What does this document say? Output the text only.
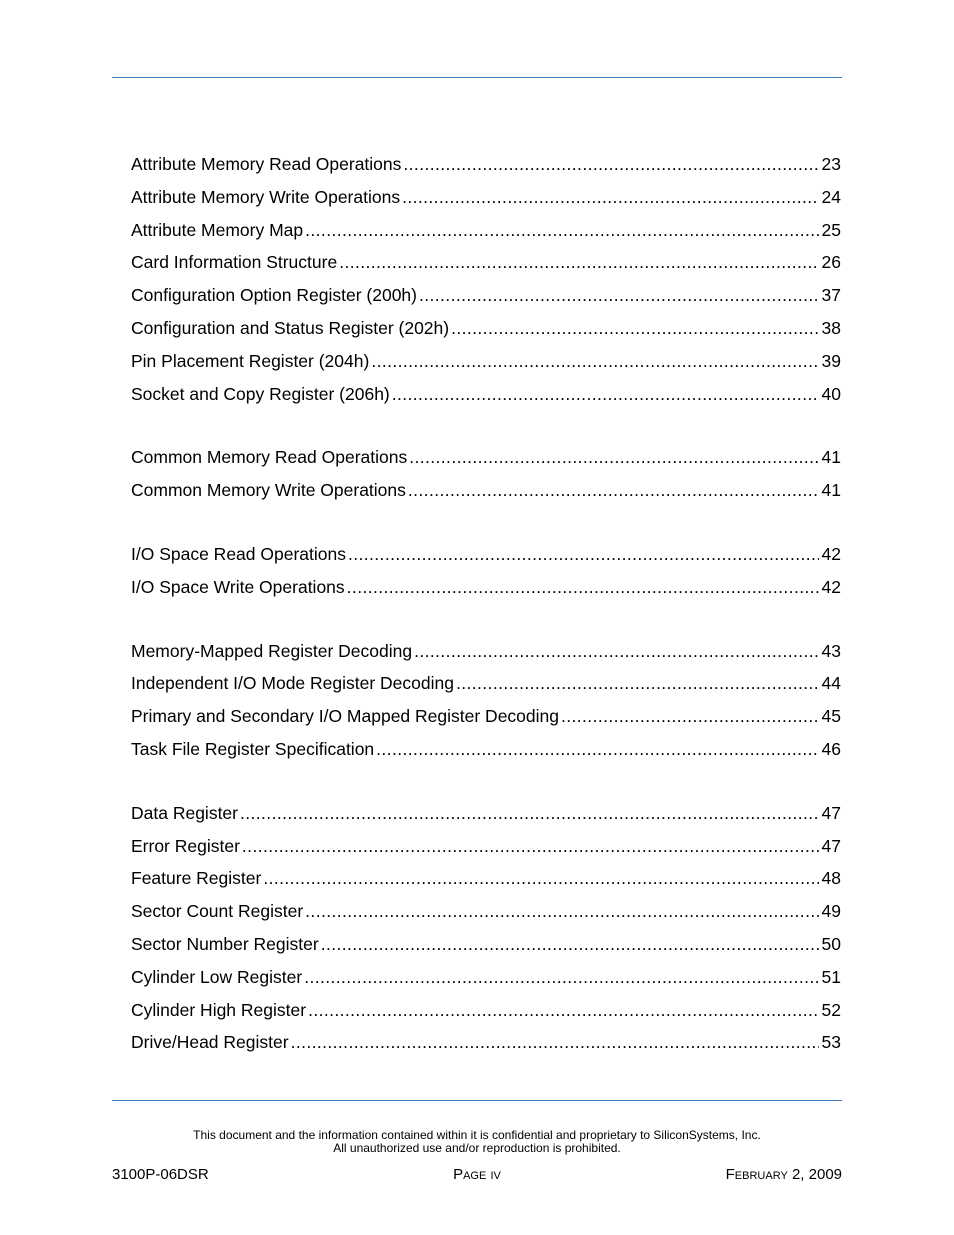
Attribute Memory Read Operations .....	23
Attribute Memory Write Operations .....	24
Attribute Memory Map .....	25
Card Information Structure .....	26
Configuration Option Register (200h) .....	37
Configuration and Status Register (202h) .....	38
Pin Placement Register (204h) .....	39
Socket and Copy Register (206h) .....	40
Common Memory Read Operations .....	41
Common Memory Write Operations .....	41
I/O Space Read Operations .....	42
I/O Space Write Operations .....	42
Memory-Mapped Register Decoding .....	43
Independent I/O Mode Register Decoding .....	44
Primary and Secondary I/O Mapped Register Decoding .....	45
Task File Register Specification .....	46
Data Register .....	47
Error Register .....	47
Feature Register .....	48
Sector Count Register .....	49
Sector Number Register .....	50
Cylinder Low Register .....	51
Cylinder High Register .....	52
Drive/Head Register .....	53
This document and the information contained within it is confidential and proprietary to SiliconSystems, Inc.
All unauthorized use and/or reproduction is prohibited.
3100P-06DSR	Page iv	February 2, 2009
